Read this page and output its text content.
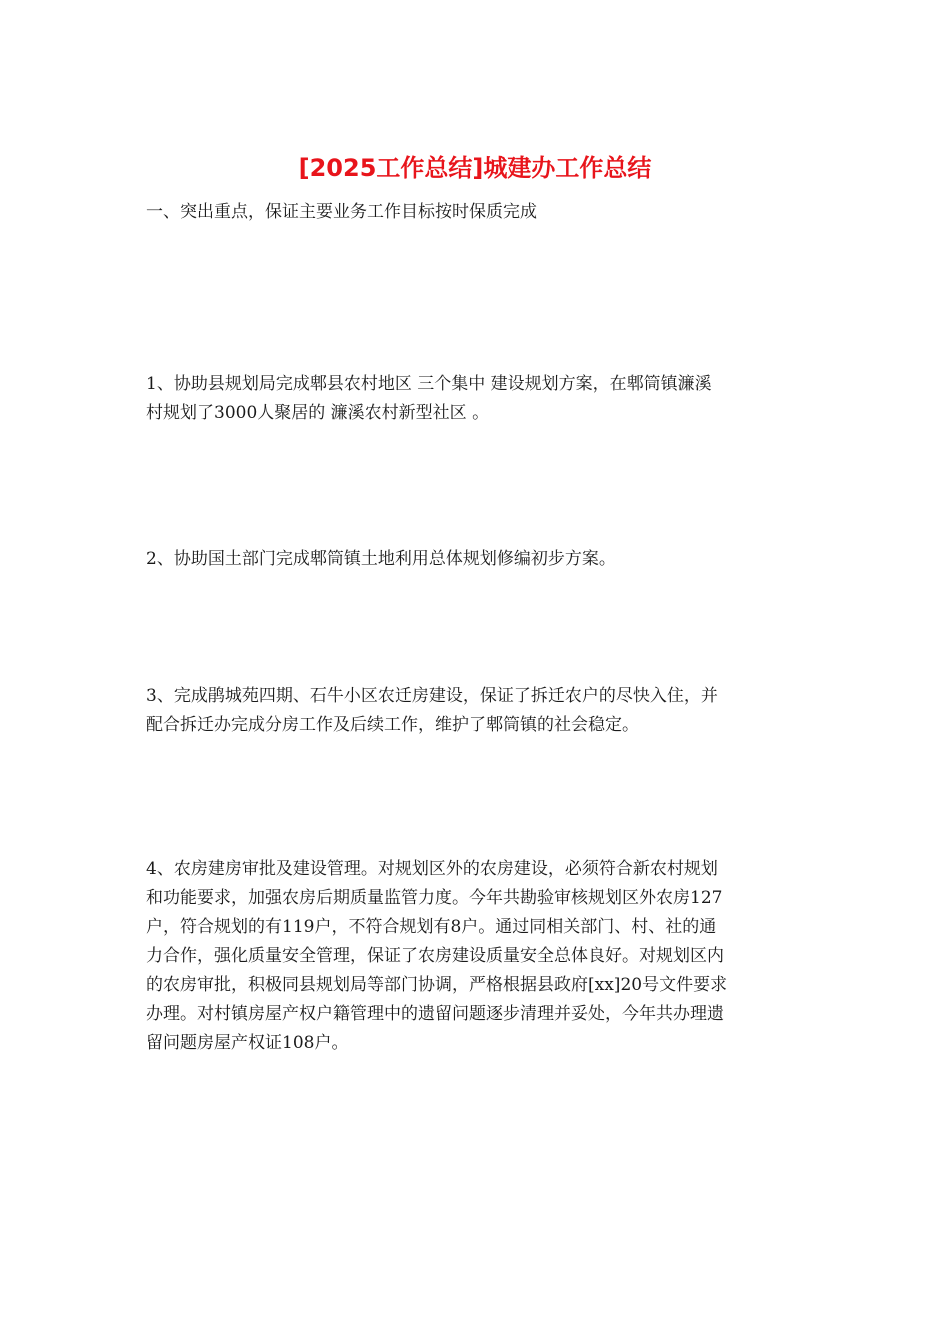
[2025工作总结]城建办工作总结

一、突出重点，保证主要业务工作目标按时保质完成

1、协助县规划局完成郫县农村地区 三个集中 建设规划方案，在郫筒镇濂溪
村规划了3000人聚居的 濂溪农村新型社区 。

2、协助国土部门完成郫筒镇土地利用总体规划修编初步方案。

3、完成鹃城苑四期、石牛小区农迁房建设，保证了拆迁农户的尽快入住，并
配合拆迁办完成分房工作及后续工作，维护了郫筒镇的社会稳定。

4、农房建房审批及建设管理。对规划区外的农房建设，必须符合新农村规划
和功能要求，加强农房后期质量监管力度。今年共勘验审核规划区外农房127
户，符合规划的有119户，不符合规划有8户。通过同相关部门、村、社的通
力合作，强化质量安全管理，保证了农房建设质量安全总体良好。对规划区内
的农房审批，积极同县规划局等部门协调，严格根据县政府[xx]20号文件要求
办理。对村镇房屋产权户籍管理中的遗留问题逐步清理并妥处，今年共办理遗
留问题房屋产权证108户。
